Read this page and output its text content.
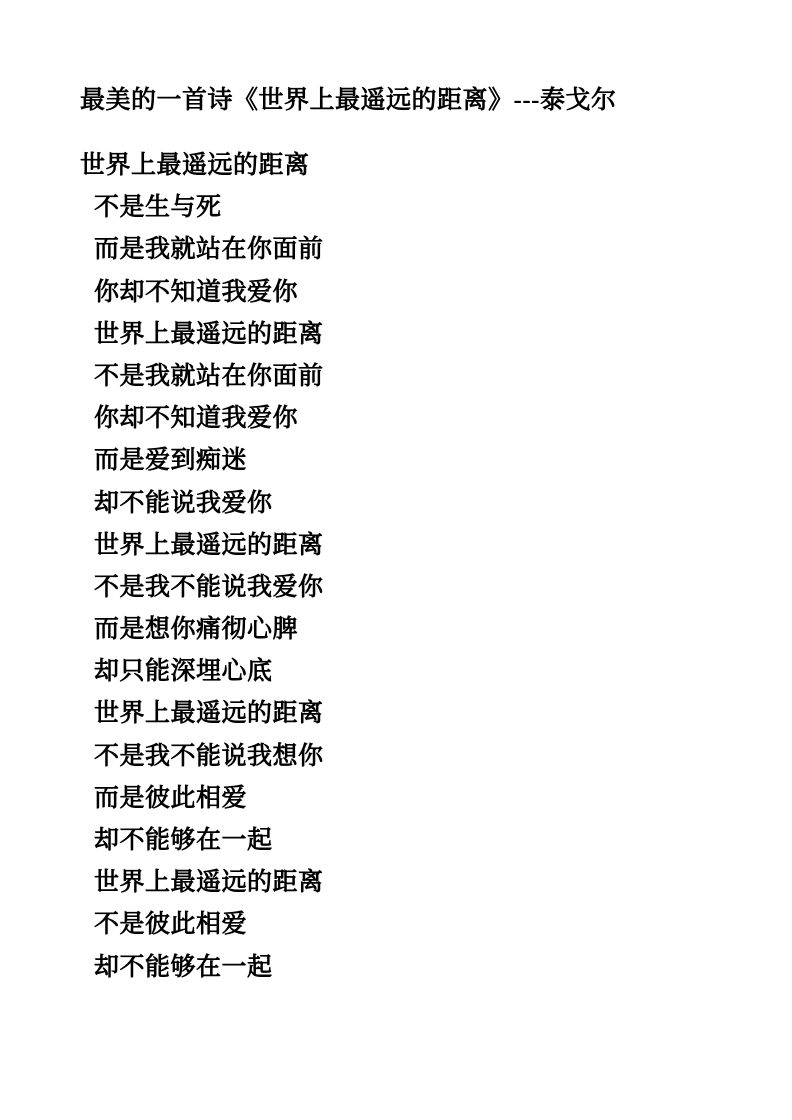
最美的一首诗《世界上最遥远的距离》---泰戈尔

世界上最遥远的距离

不是生与死

而是我就站在你面前

你却不知道我爱你

世界上最遥远的距离

不是我就站在你面前

你却不知道我爱你

而是爱到痴迷

却不能说我爱你

世界上最遥远的距离

不是我不能说我爱你

而是想你痛彻心脾

却只能深埋心底

世界上最遥远的距离

不是我不能说我想你

而是彼此相爱

却不能够在一起

世界上最遥远的距离

不是彼此相爱

却不能够在一起
